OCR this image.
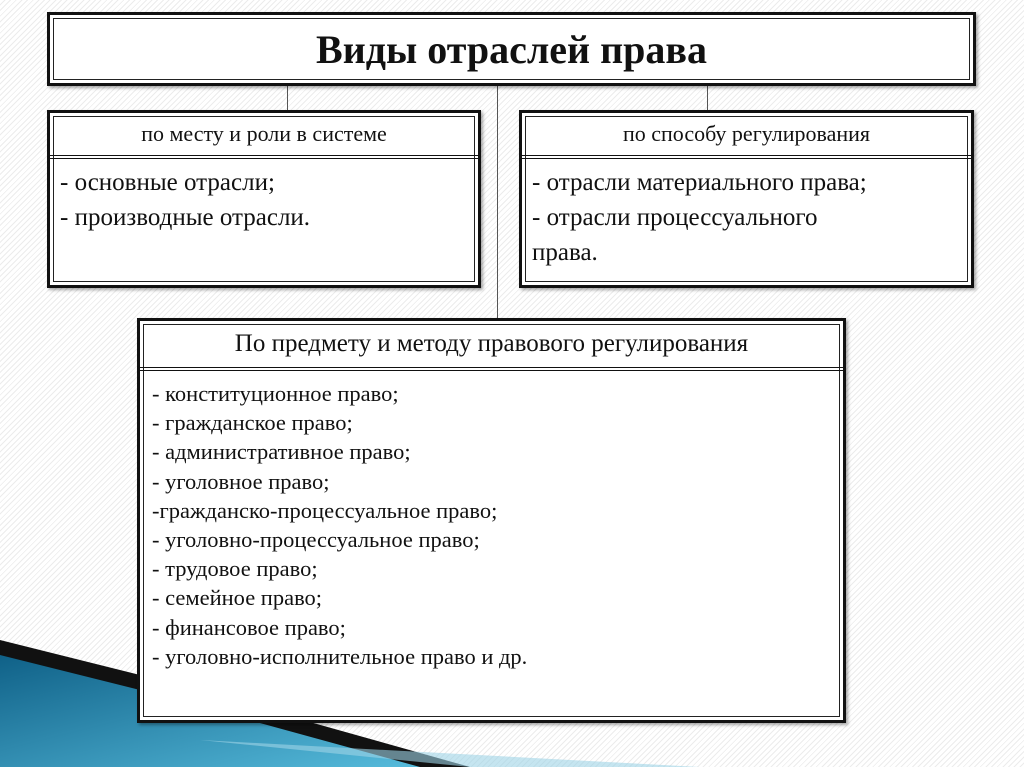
Виды отраслей права
по месту и роли в системе
- основные отрасли;
- производные отрасли.
по способу регулирования
- отрасли материального права;
- отрасли процессуального
права.
По предмету и методу правового регулирования
- конституционное право;
- гражданское право;
- административное право;
- уголовное право;
-гражданско-процессуальное право;
- уголовно-процессуальное право;
- трудовое право;
- семейное право;
- финансовое право;
- уголовно-исполнительное право и др.
